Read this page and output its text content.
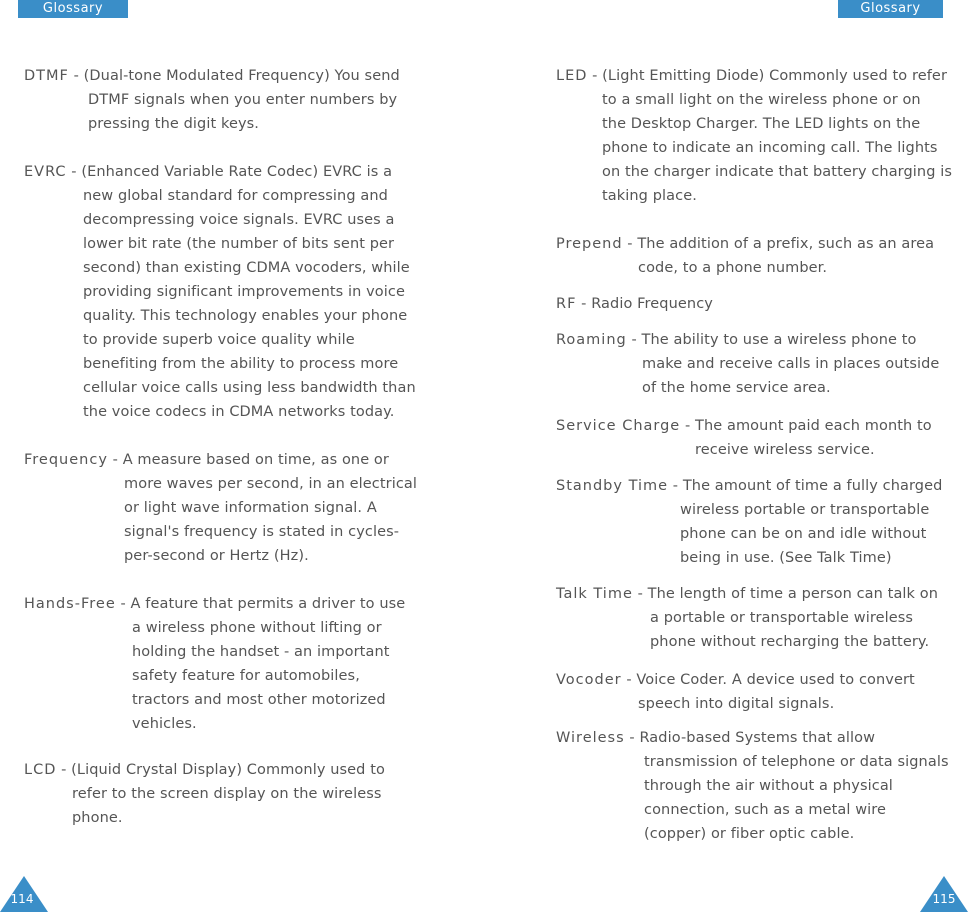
Glossary	Glossary
DTMF - (Dual-tone Modulated Frequency) You send
DTMF signals when you enter numbers by
pressing the digit keys.
EVRC - (Enhanced Variable Rate Codec) EVRC is a
new global standard for compressing and
decompressing voice signals. EVRC uses a
lower bit rate (the number of bits sent per
second) than existing CDMA vocoders, while
providing significant improvements in voice
quality. This technology enables your phone
to provide superb voice quality while
benefiting from the ability to process more
cellular voice calls using less bandwidth than
the voice codecs in CDMA networks today.
Frequency - A measure based on time, as one or
more waves per second, in an electrical
or light wave information signal. A
signal's frequency is stated in cycles-
per-second or Hertz (Hz).
Hands-Free - A feature that permits a driver to use
a wireless phone without lifting or
holding the handset - an important
safety feature for automobiles,
tractors and most other motorized
vehicles.
LCD - (Liquid Crystal Display) Commonly used to
refer to the screen display on the wireless
phone.
LED - (Light Emitting Diode) Commonly used to refer
to a small light on the wireless phone or on
the Desktop Charger. The LED lights on the
phone to indicate an incoming call. The lights
on the charger indicate that battery charging is
taking place.
Prepend - The addition of a prefix, such as an area
code, to a phone number.
RF - Radio Frequency
Roaming - The ability to use a wireless phone to
make and receive calls in places outside
of the home service area.
Service Charge - The amount paid each month to
receive wireless service.
Standby Time - The amount of time a fully charged
wireless portable or transportable
phone can be on and idle without
being in use. (See Talk Time)
Talk Time - The length of time a person can talk on
a portable or transportable wireless
phone without recharging the battery.
Vocoder - Voice Coder. A device used to convert
speech into digital signals.
Wireless - Radio-based Systems that allow
transmission of telephone or data signals
through the air without a physical
connection, such as a metal wire
(copper) or fiber optic cable.
114	115
